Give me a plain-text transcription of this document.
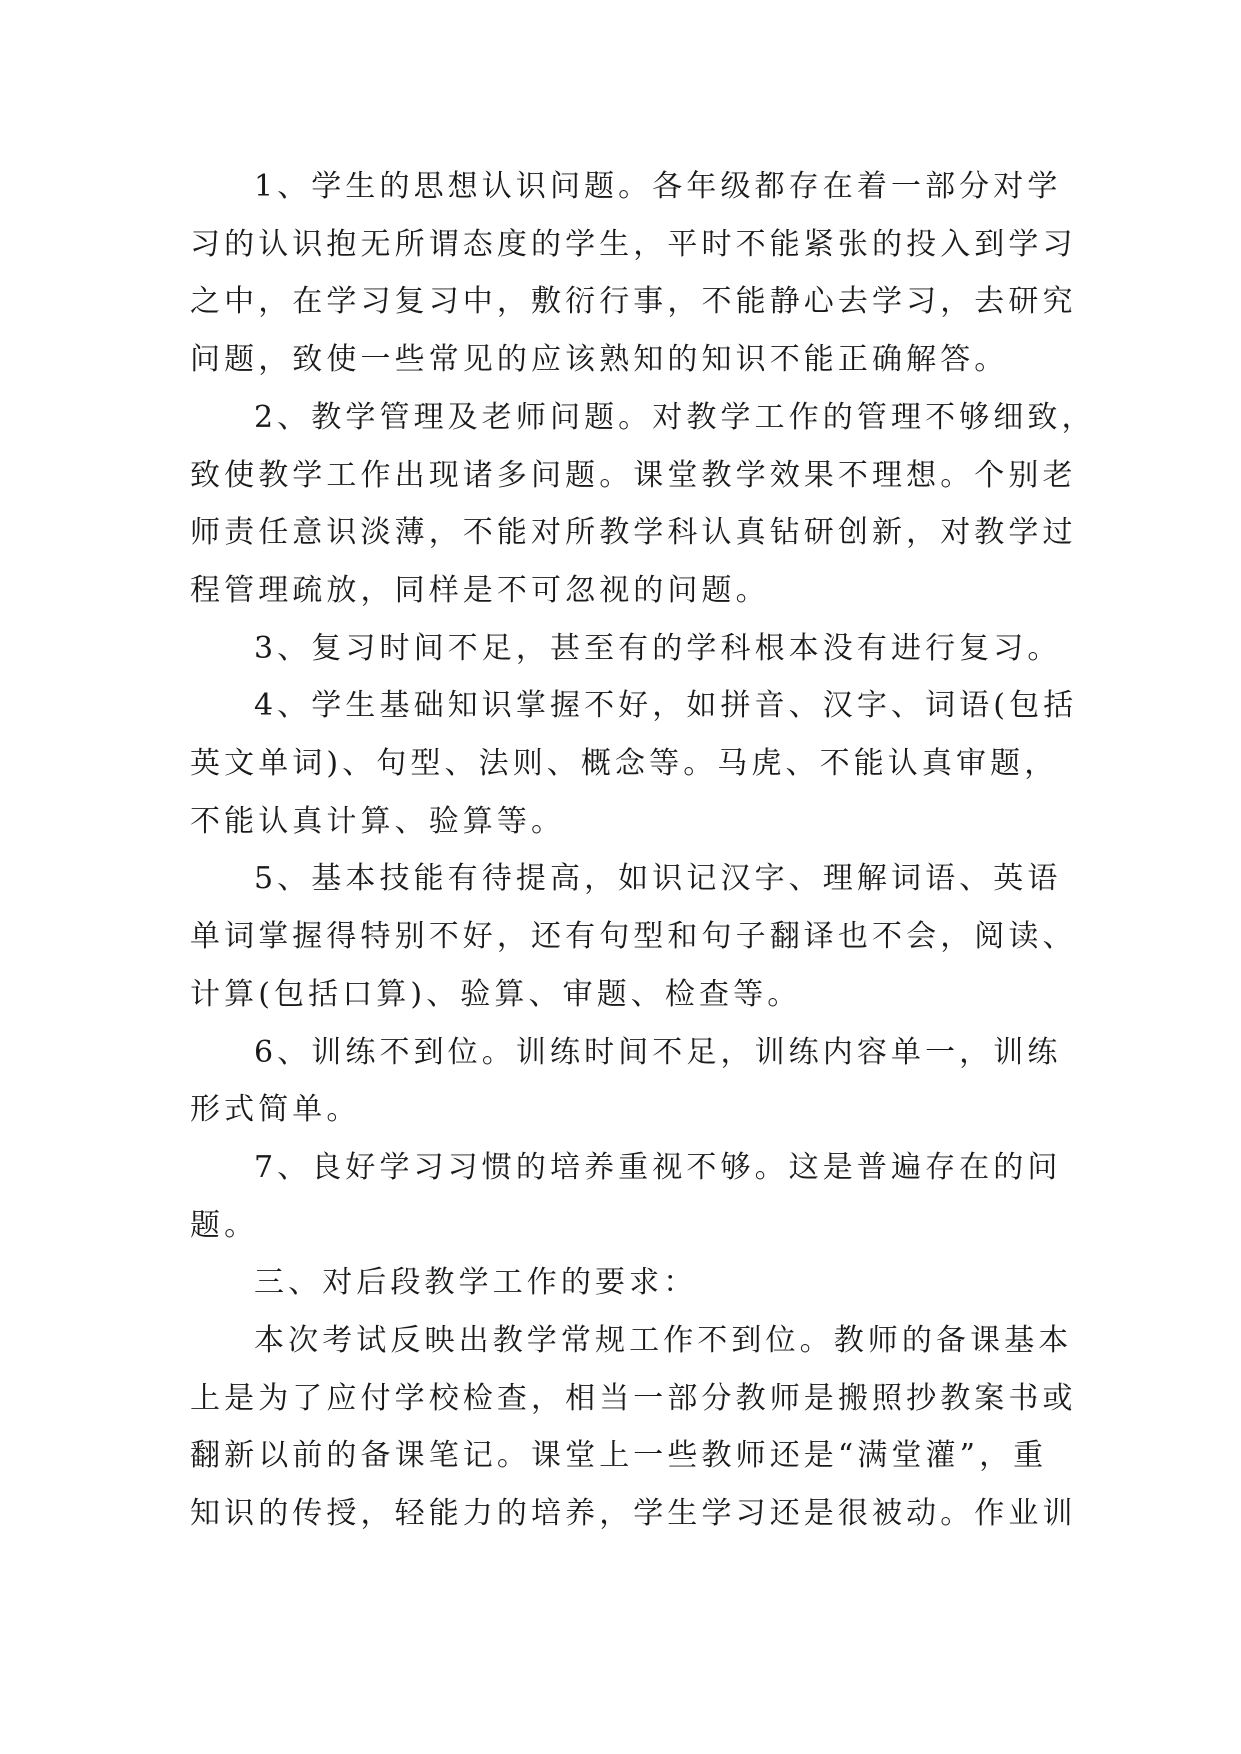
1、学生的思想认识问题。各年级都存在着一部分对学
习的认识抱无所谓态度的学生，平时不能紧张的投入到学习
之中，在学习复习中，敷衍行事，不能静心去学习，去研究
问题，致使一些常见的应该熟知的知识不能正确解答。

2、教学管理及老师问题。对教学工作的管理不够细致，
致使教学工作出现诸多问题。课堂教学效果不理想。个别老
师责任意识淡薄，不能对所教学科认真钻研创新，对教学过
程管理疏放，同样是不可忽视的问题。

3、复习时间不足，甚至有的学科根本没有进行复习。

4、学生基础知识掌握不好，如拼音、汉字、词语(包括
英文单词)、句型、法则、概念等。马虎、不能认真审题，
不能认真计算、验算等。

5、基本技能有待提高，如识记汉字、理解词语、英语
单词掌握得特别不好，还有句型和句子翻译也不会，阅读、
计算(包括口算)、验算、审题、检查等。

6、训练不到位。训练时间不足，训练内容单一，训练
形式简单。

7、良好学习习惯的培养重视不够。这是普遍存在的问
题。

三、对后段教学工作的要求：

本次考试反映出教学常规工作不到位。教师的备课基本
上是为了应付学校检查，相当一部分教师是搬照抄教案书或
翻新以前的备课笔记。课堂上一些教师还是“满堂灌”，重
知识的传授，轻能力的培养，学生学习还是很被动。作业训
